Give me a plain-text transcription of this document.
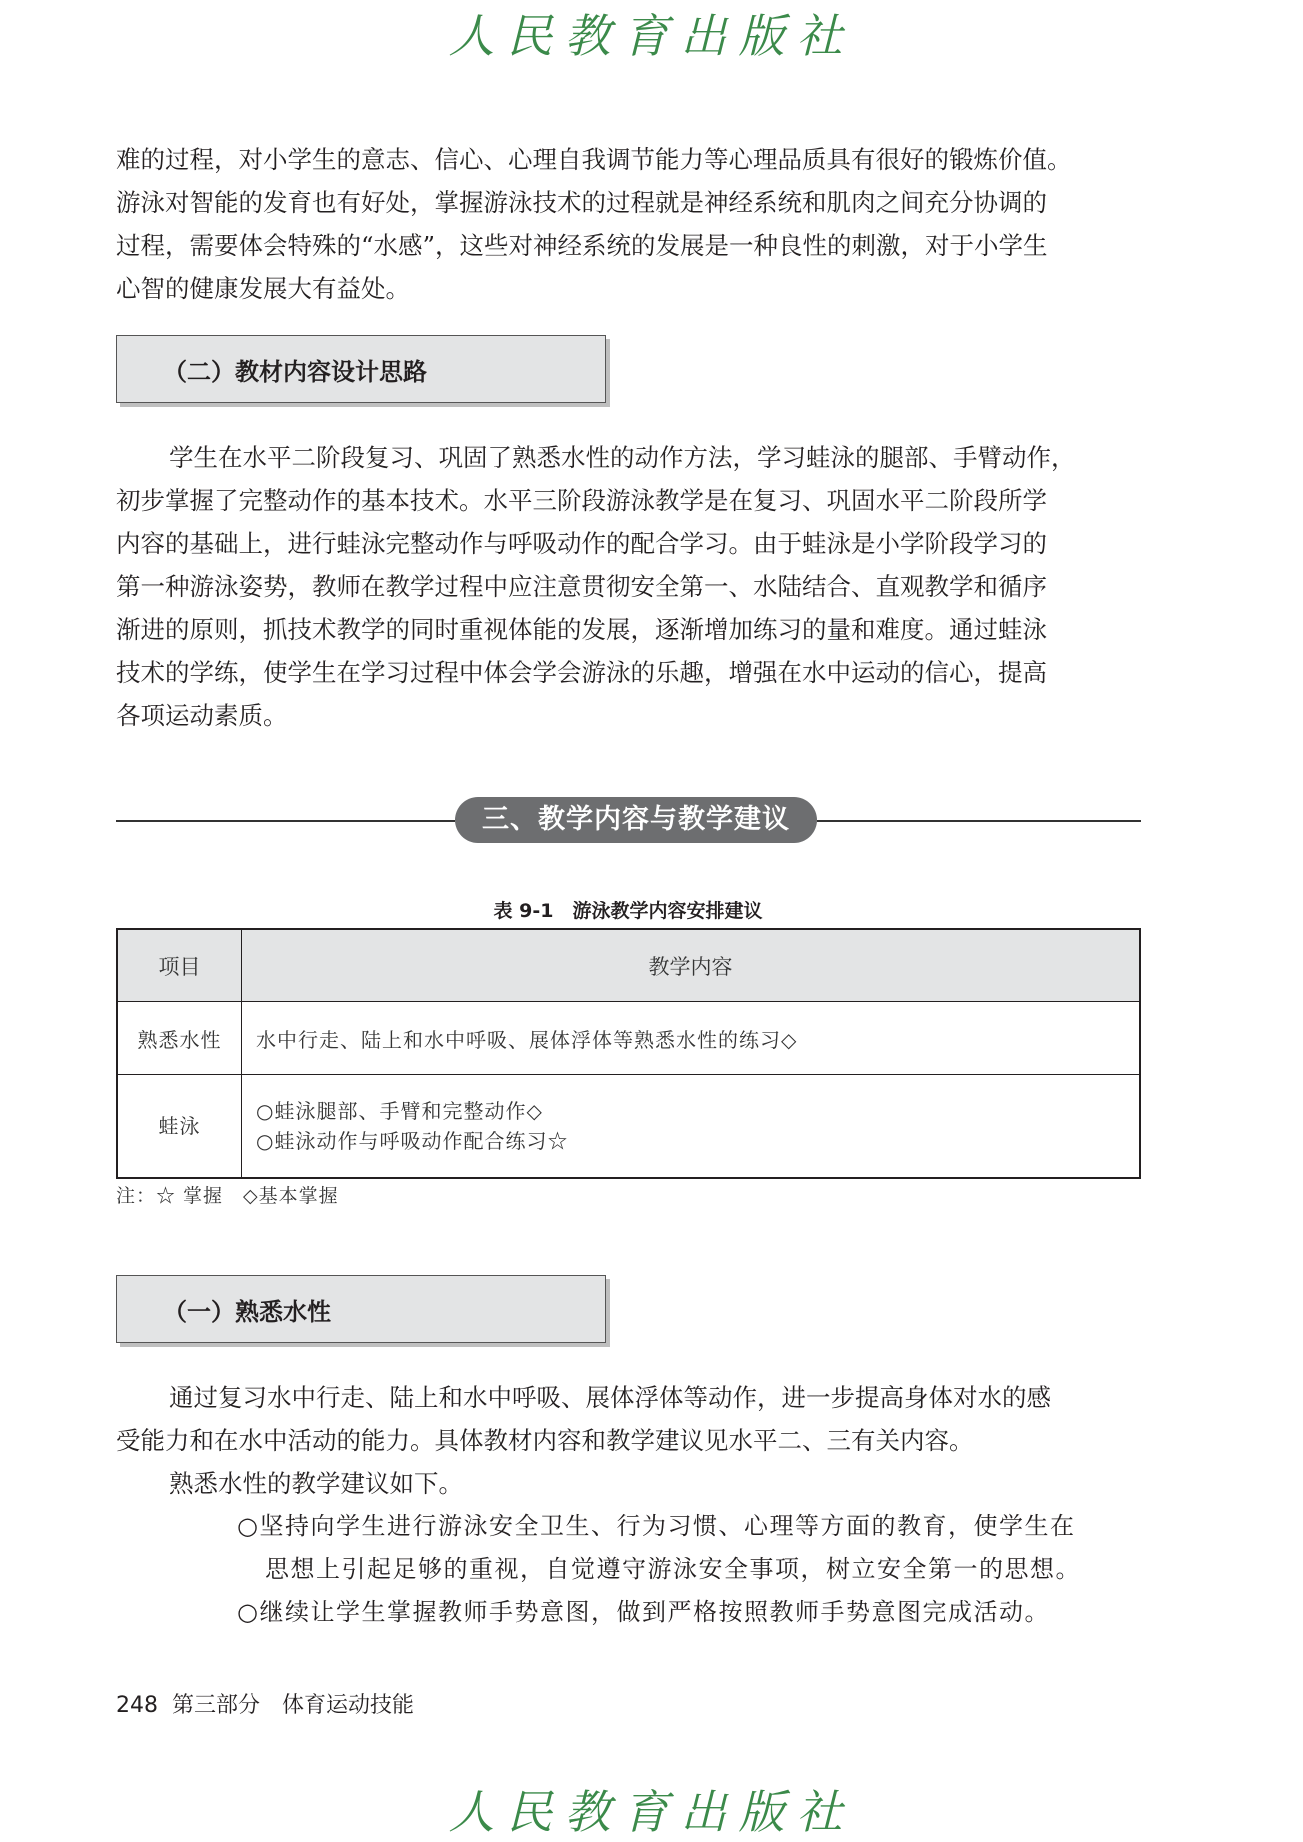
人民教育出版社
难的过程，对小学生的意志、信心、心理自我调节能力等心理品质具有很好的锻炼价值。
游泳对智能的发育也有好处，掌握游泳技术的过程就是神经系统和肌肉之间充分协调的
过程，需要体会特殊的“水感”，这些对神经系统的发展是一种良性的刺激，对于小学生
心智的健康发展大有益处。
（二）教材内容设计思路
学生在水平二阶段复习、巩固了熟悉水性的动作方法，学习蛙泳的腿部、手臂动作，
初步掌握了完整动作的基本技术。水平三阶段游泳教学是在复习、巩固水平二阶段所学
内容的基础上，进行蛙泳完整动作与呼吸动作的配合学习。由于蛙泳是小学阶段学习的
第一种游泳姿势，教师在教学过程中应注意贯彻安全第一、水陆结合、直观教学和循序
渐进的原则，抓技术教学的同时重视体能的发展，逐渐增加练习的量和难度。通过蛙泳
技术的学练，使学生在学习过程中体会学会游泳的乐趣，增强在水中运动的信心，提高
各项运动素质。
三、教学内容与教学建议
表 9-1　游泳教学内容安排建议
项目	教学内容
熟悉水性	水中行走、陆上和水中呼吸、展体浮体等熟悉水性的练习◇
蛙泳	○蛙泳腿部、手臂和完整动作◇
○蛙泳动作与呼吸动作配合练习☆
注：☆ 掌握　◇基本掌握
（一）熟悉水性
通过复习水中行走、陆上和水中呼吸、展体浮体等动作，进一步提高身体对水的感
受能力和在水中活动的能力。具体教材内容和教学建议见水平二、三有关内容。
熟悉水性的教学建议如下。
○坚持向学生进行游泳安全卫生、行为习惯、心理等方面的教育，使学生在
思想上引起足够的重视，自觉遵守游泳安全事项，树立安全第一的思想。
○继续让学生掌握教师手势意图，做到严格按照教师手势意图完成活动。
248 第三部分　体育运动技能
人民教育出版社
